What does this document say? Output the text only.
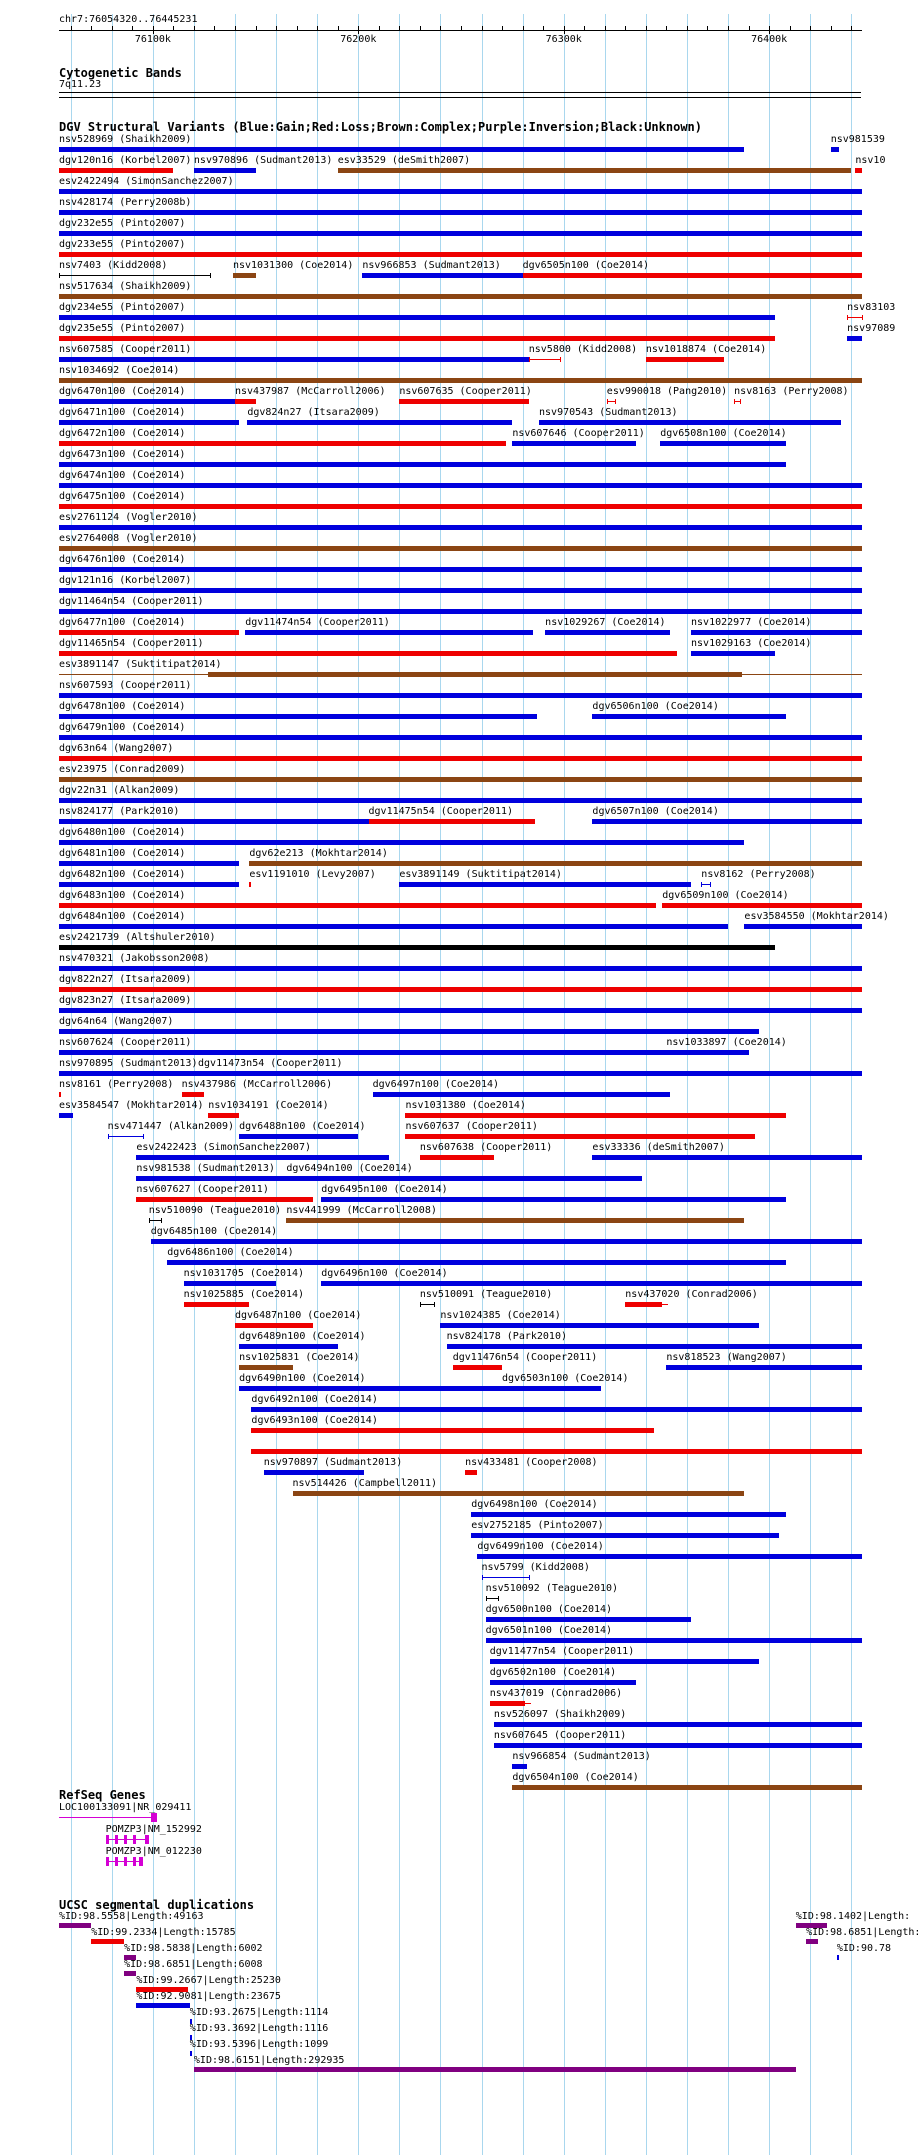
chr7:76054320..76445231
76100k	76200k	76300k	76400k
Cytogenetic Bands
7q11.23
DGV Structural Variants (Blue:Gain;Red:Loss;Brown:Complex;Purple:Inversion;Black:Unknown)
nsv528969 (Shaikh2009)	nsv981539
dgv120n16 (Korbel2007) nsv970896 (Sudmant2013) esv33529 (deSmith2007)	nsv10
esv2422494 (SimonSanchez2007)
nsv428174 (Perry2008b)
dgv232e55 (Pinto2007)
dgv233e55 (Pinto2007)
nsv7403 (Kidd2008)	nsv1031300 (Coe2014) nsv966853 (Sudmant2013) dgv6505n100 (Coe2014)
nsv517634 (Shaikh2009)
dgv234e55 (Pinto2007)	nsv83103
dgv235e55 (Pinto2007)	nsv97089
nsv607585 (Cooper2011)	nsv5800 (Kidd2008) nsv1018874 (Coe2014)
nsv1034692 (Coe2014)
dgv6470n100 (Coe2014)	nsv437987 (McCarroll2006) nsv607635 (Cooper2011)	esv990018 (Pang2010) nsv8163 (Perry2008)
dgv6471n100 (Coe2014)	dgv824n27 (Itsara2009)	nsv970543 (Sudmant2013)
dgv6472n100 (Coe2014)	nsv607646 (Cooper2011) dgv6508n100 (Coe2014)
dgv6473n100 (Coe2014)
dgv6474n100 (Coe2014)
dgv6475n100 (Coe2014)
esv2761124 (Vogler2010)
esv2764008 (Vogler2010)
dgv6476n100 (Coe2014)
dgv121n16 (Korbel2007)
dgv11464n54 (Cooper2011)
dgv6477n100 (Coe2014)	dgv11474n54 (Cooper2011)	nsv1029267 (Coe2014)	nsv1022977 (Coe2014)
dgv11465n54 (Cooper2011)	nsv1029163 (Coe2014)
esv3891147 (Suktitipat2014)
nsv607593 (Cooper2011)
dgv6478n100 (Coe2014)	dgv6506n100 (Coe2014)
dgv6479n100 (Coe2014)
dgv63n64 (Wang2007)
esv23975 (Conrad2009)
dgv22n31 (Alkan2009)
nsv824177 (Park2010)	dgv11475n54 (Cooper2011)	dgv6507n100 (Coe2014)
dgv6480n100 (Coe2014)
dgv6481n100 (Coe2014)	dgv62e213 (Mokhtar2014)
dgv6482n100 (Coe2014)	esv1191010 (Levy2007) esv3891149 (Suktitipat2014)	nsv8162 (Perry2008)
dgv6483n100 (Coe2014)	dgv6509n100 (Coe2014)
dgv6484n100 (Coe2014)	esv3584550 (Mokhtar2014)
esv2421739 (Altshuler2010)
nsv470321 (Jakobsson2008)
dgv822n27 (Itsara2009)
dgv823n27 (Itsara2009)
dgv64n64 (Wang2007)
nsv607624 (Cooper2011)	nsv1033897 (Coe2014)
nsv970895 (Sudmant2013) dgv11473n54 (Cooper2011)
nsv8161 (Perry2008) nsv437986 (McCarroll2006)	dgv6497n100 (Coe2014)
esv3584547 (Mokhtar2014) nsv1034191 (Coe2014)	nsv1031380 (Coe2014)
nsv471447 (Alkan2009) dgv6488n100 (Coe2014)	nsv607637 (Cooper2011)
esv2422423 (SimonSanchez2007)	nsv607638 (Cooper2011)	esv33336 (deSmith2007)
nsv981538 (Sudmant2013) dgv6494n100 (Coe2014)
nsv607627 (Cooper2011)	dgv6495n100 (Coe2014)
nsv510090 (Teague2010) nsv441999 (McCarroll2008)
dgv6485n100 (Coe2014)
dgv6486n100 (Coe2014)
nsv1031705 (Coe2014) dgv6496n100 (Coe2014)
nsv1025885 (Coe2014)	nsv510091 (Teague2010)	nsv437020 (Conrad2006)
dgv6487n100 (Coe2014)	nsv1024385 (Coe2014)
dgv6489n100 (Coe2014)	nsv824178 (Park2010)
nsv1025831 (Coe2014)	dgv11476n54 (Cooper2011)	nsv818523 (Wang2007)
dgv6490n100 (Coe2014)	dgv6503n100 (Coe2014)
dgv6492n100 (Coe2014)
dgv6493n100 (Coe2014)
nsv970897 (Sudmant2013)	nsv433481 (Cooper2008)
nsv514426 (Campbell2011)
dgv6498n100 (Coe2014)
esv2752185 (Pinto2007)
dgv6499n100 (Coe2014)
nsv5799 (Kidd2008)
nsv510092 (Teague2010)
dgv6500n100 (Coe2014)
dgv6501n100 (Coe2014)
dgv11477n54 (Cooper2011)
dgv6502n100 (Coe2014)
nsv437019 (Conrad2006)
nsv526097 (Shaikh2009)
nsv607645 (Cooper2011)
nsv966854 (Sudmant2013)
dgv6504n100 (Coe2014)
RefSeq Genes
LOC100133091|NR_029411
POMZP3|NM_152992
POMZP3|NM_012230
UCSC segmental duplications
%ID:98.5558|Length:49163	%ID:98.1402|Length:
%ID:99.2334|Length:15785	%ID:98.6851|Length:
%ID:98.5838|Length:6002	%ID:90.78
%ID:98.6851|Length:6008
%ID:99.2667|Length:25230
%ID:92.9081|Length:23675
%ID:93.2675|Length:1114
%ID:93.3692|Length:1116
%ID:93.5396|Length:1099
%ID:98.6151|Length:292935
